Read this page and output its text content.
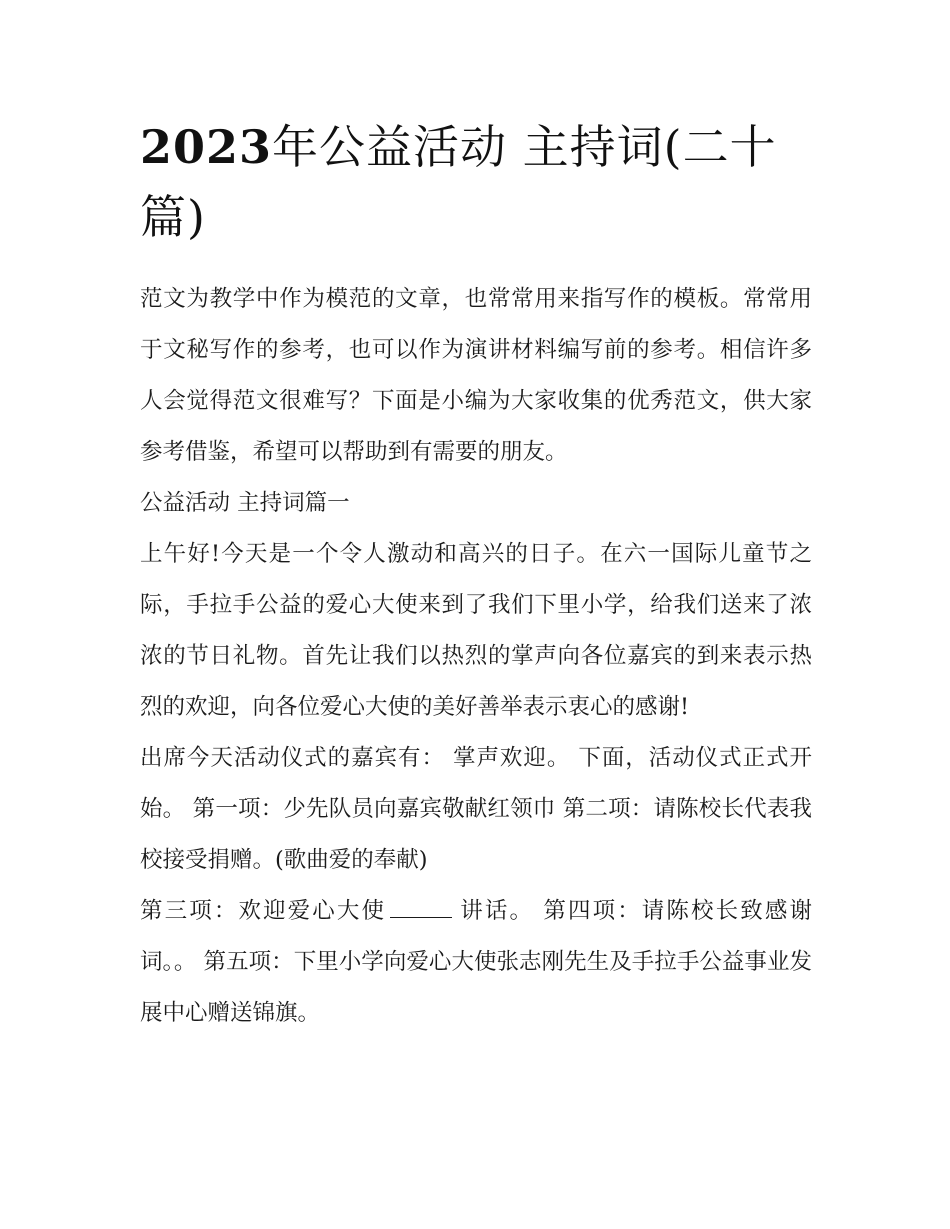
2023年公益活动 主持词(二十篇)

范文为教学中作为模范的文章，也常常用来指写作的模板。常常用于文秘写作的参考，也可以作为演讲材料编写前的参考。相信许多人会觉得范文很难写？下面是小编为大家收集的优秀范文，供大家参考借鉴，希望可以帮助到有需要的朋友。

公益活动 主持词篇一

上午好!今天是一个令人激动和高兴的日子。在六一国际儿童节之际，手拉手公益的爱心大使来到了我们下里小学，给我们送来了浓浓的节日礼物。首先让我们以热烈的掌声向各位嘉宾的到来表示热烈的欢迎，向各位爱心大使的美好善举表示衷心的感谢!

出席今天活动仪式的嘉宾有： 掌声欢迎。 下面，活动仪式正式开始。 第一项：少先队员向嘉宾敬献红领巾 第二项：请陈校长代表我校接受捐赠。(歌曲爱的奉献)

第三项：欢迎爱心大使	讲话。 第四项：请陈校长致感谢词。。 第五项：下里小学向爱心大使张志刚先生及手拉手公益事业发展中心赠送锦旗。
